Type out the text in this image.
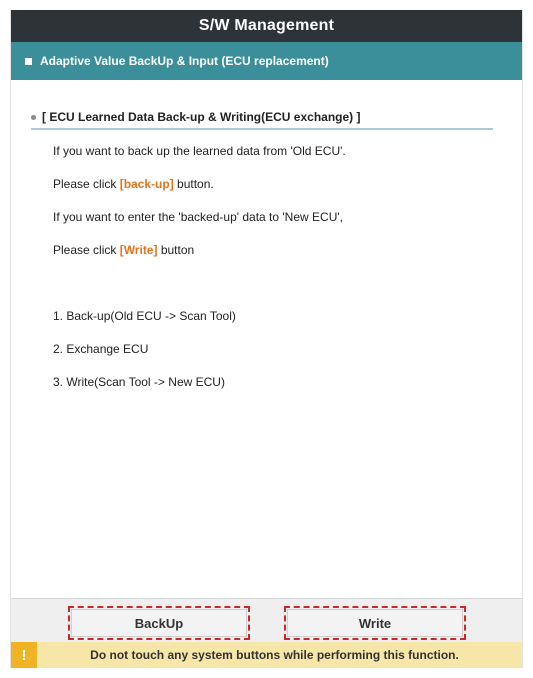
S/W Management
Adaptive Value BackUp & Input (ECU replacement)
[ ECU Learned Data Back-up & Writing(ECU exchange) ]
If you want to back up the learned data from 'Old ECU'.
Please click [back-up] button.
If you want to enter the 'backed-up' data to 'New ECU',
Please click [Write] button
1. Back-up(Old ECU -> Scan Tool)
2. Exchange ECU
3. Write(Scan Tool -> New ECU)
BackUp	Write
!	Do not touch any system buttons while performing this function.
